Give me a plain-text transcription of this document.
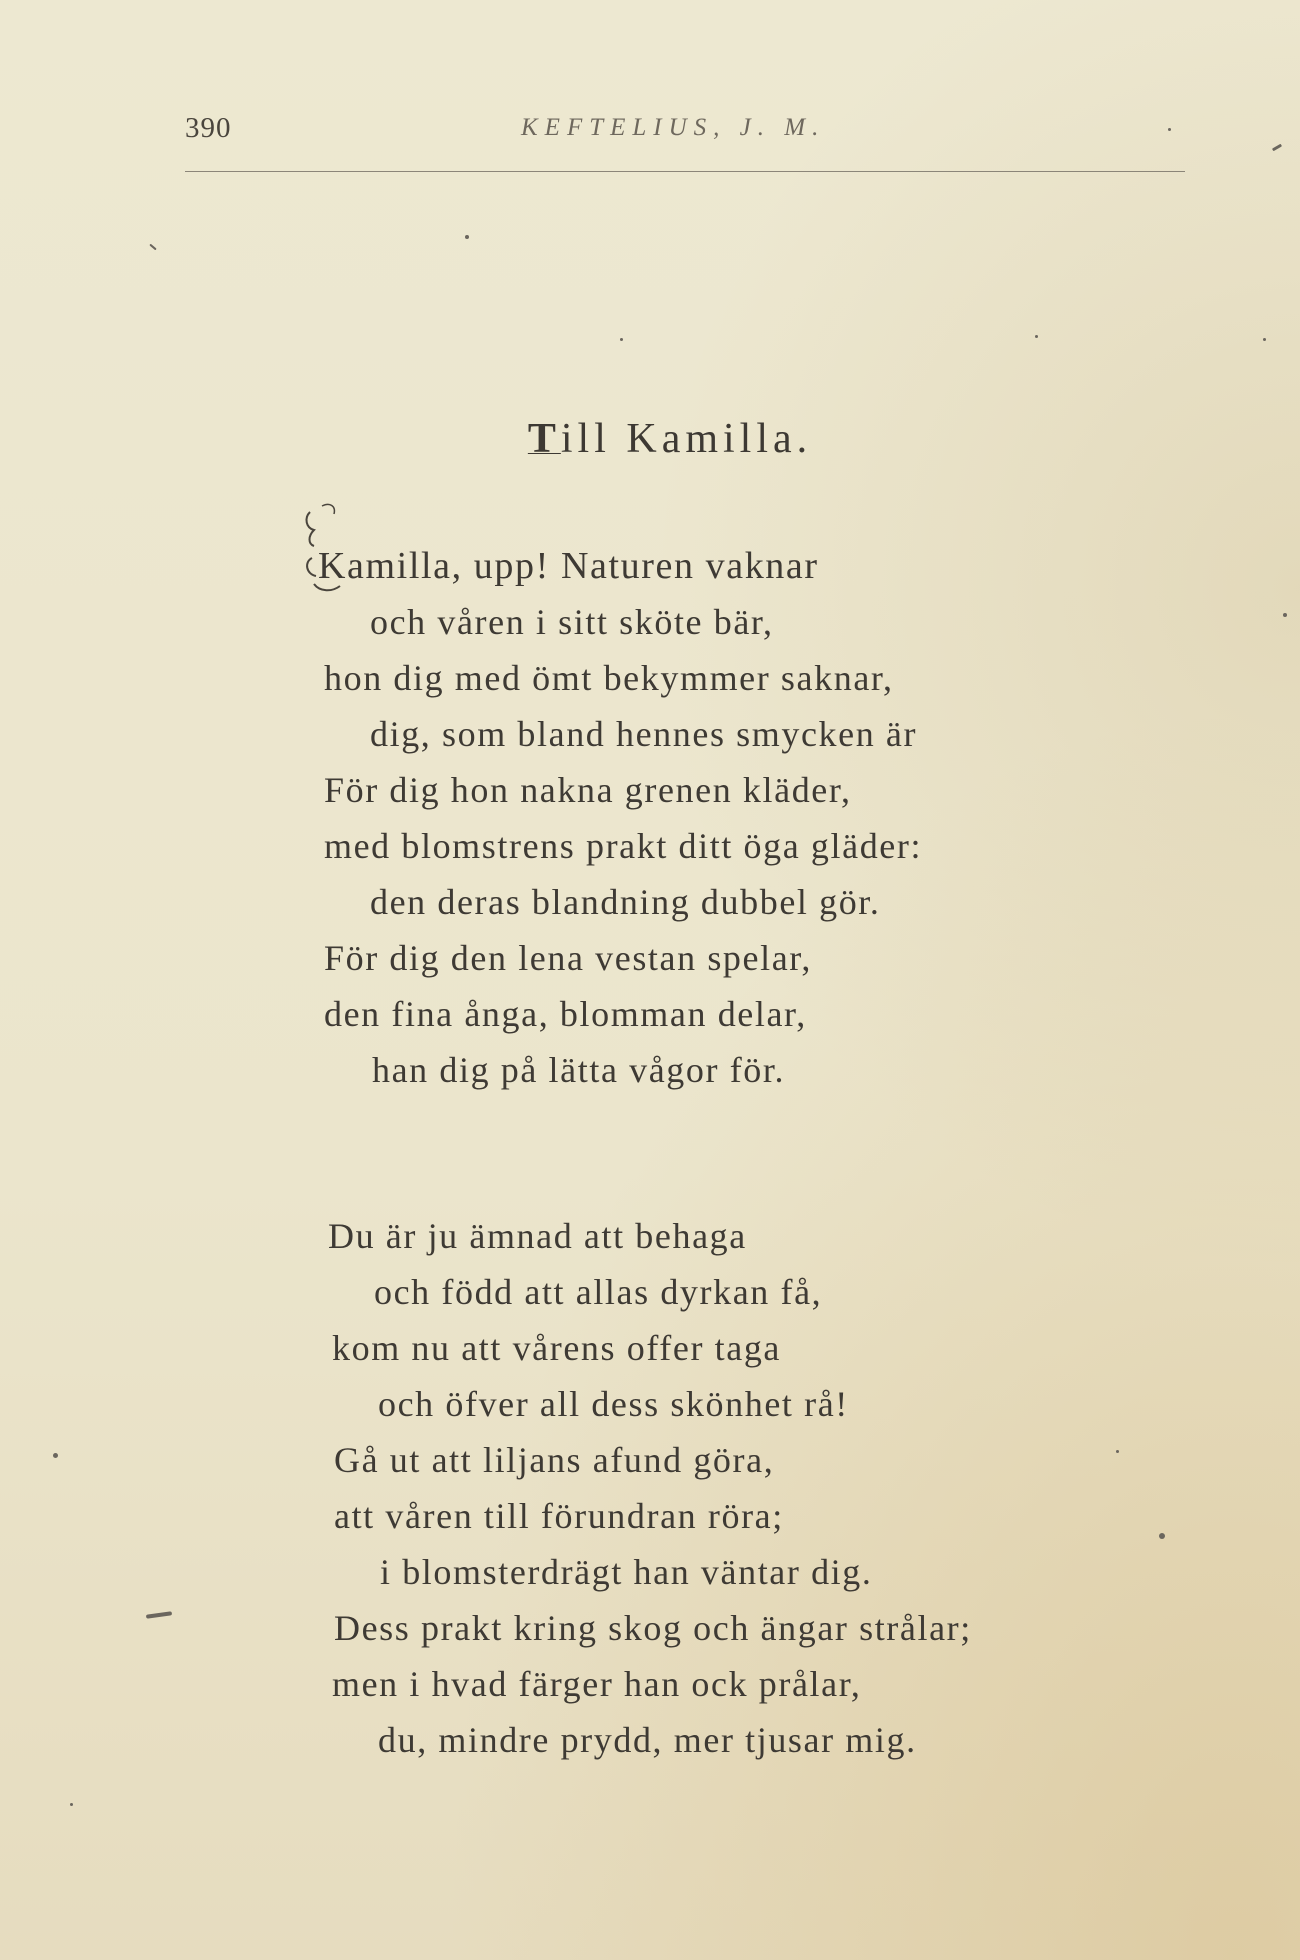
390	KEFTELIUS, J. M.
Till Kamilla.
Kamilla, upp! Naturen vaknar
och våren i sitt sköte bär,
hon dig med ömt bekymmer saknar,
dig, som bland hennes smycken är
För dig hon nakna grenen kläder,
med blomstrens prakt ditt öga gläder:
den deras blandning dubbel gör.
För dig den lena vestan spelar,
den fina ånga, blomman delar,
han dig på lätta vågor för.
Du är ju ämnad att behaga
och född att allas dyrkan få,
kom nu att vårens offer taga
och öfver all dess skönhet rå!
Gå ut att liljans afund göra,
att våren till förundran röra;
i blomsterdrägt han väntar dig.
Dess prakt kring skog och ängar strålar;
men i hvad färger han ock prålar,
du, mindre prydd, mer tjusar mig.
